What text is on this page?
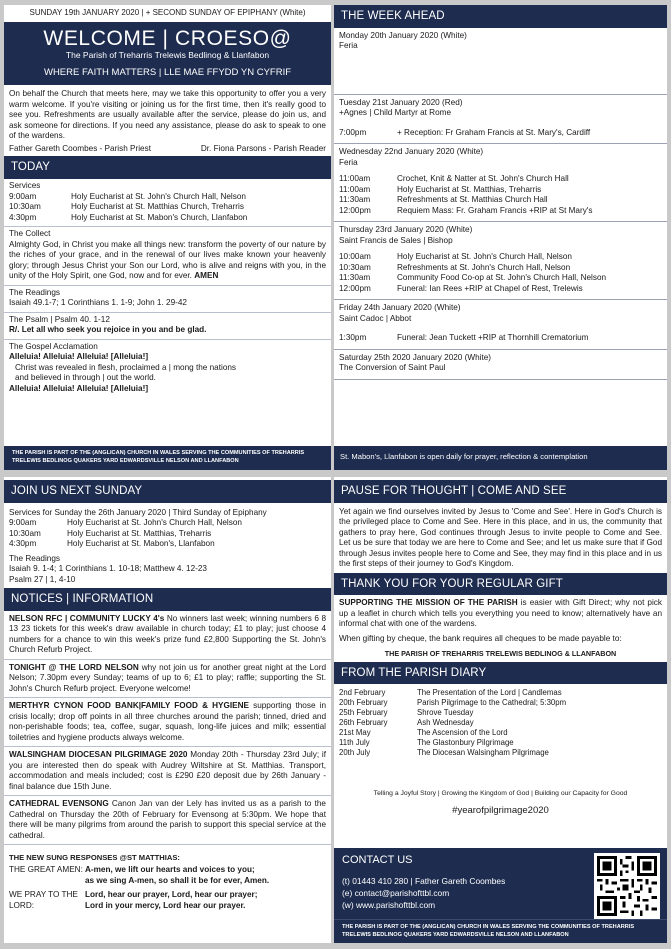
SUNDAY 19th JANUARY 2020 | + SECOND SUNDAY OF EPIPHANY (White)
WELCOME | CROESO@
The Parish of Treharris Trelewis Bedlinog & Llanfabon
WHERE FAITH MATTERS | LLE MAE FFYDD YN CYFRIF
On behalf the Church that meets here, may we take this opportunity to offer you a very warm welcome. If you're visiting or joining us for the first time, then it's really good to see you. Refreshments are usually available after the service, please do join us, and ask someone for directions. If you need any assistance, please do ask to speak to one of the wardens.
Father Gareth Coombes - Parish Priest	Dr. Fiona Parsons - Parish Reader
TODAY
Services
9:00am	Holy Eucharist at St. John's Church Hall, Nelson
10:30am	Holy Eucharist at St. Matthias Church, Treharris
4:30pm	Holy Eucharist at St. Mabon's Church, Llanfabon
The Collect
Almighty God, in Christ you make all things new: transform the poverty of our nature by the riches of your grace, and in the renewal of our lives make known your heavenly glory; through Jesus Christ your Son our Lord, who is alive and reigns with you, in the unity of the Holy Spirit, one God, now and for ever. AMEN
The Readings
Isaiah 49.1-7; 1 Corinthians 1. 1-9; John 1. 29-42
The Psalm | Psalm 40. 1-12
R/. Let all who seek you rejoice in you and be glad.
The Gospel Acclamation
Alleluia! Alleluia! Alleluia! [Alleluia!]
Christ was revealed in flesh, proclaimed a | mong the nations
and believed in through | out the world.
Alleluia! Alleluia! Alleluia! [Alleluia!]
THE PARISH IS PART OF THE (ANGLICAN) CHURCH IN WALES SERVING THE COMMUNITIES OF TREHARRIS TRELEWIS BEDLINOG QUAKERS YARD EDWARDSVILLE NELSON AND LLANFABON
THE WEEK AHEAD
Monday 20th January 2020 (White)
Feria
Tuesday 21st January 2020 (Red)
+Agnes | Child Martyr at Rome
7:00pm	+ Reception: Fr Graham Francis at St. Mary's, Cardiff
Wednesday 22nd January 2020 (White)
Feria
11:00am	Crochet, Knit & Natter at St. John's Church Hall
11:00am	Holy Eucharist at St. Matthias, Treharris
11:30am	Refreshments at St. Matthias Church Hall
12:00pm	Requiem Mass: Fr. Graham Francis +RIP at St Mary's
Thursday 23rd January 2020 (White)
Saint Francis de Sales | Bishop
10:00am	Holy Eucharist at St. John's Church Hall, Nelson
10:30am	Refreshments at St. John's Church Hall, Nelson
11:30am	Community Food Co-op at St. John's Church Hall, Nelson
12:00pm	Funeral: Ian Rees +RIP at Chapel of Rest, Trelewis
Friday 24th January 2020 (White)
Saint Cadoc | Abbot
1:30pm	Funeral: Jean Tuckett +RIP at Thornhill Crematorium
Saturday 25th 2020 January 2020 (White)
The Conversion of Saint Paul
St. Mabon's, Llanfabon is open daily for prayer, reflection & contemplation
JOIN US NEXT SUNDAY
Services for Sunday the 26th January 2020 | Third Sunday of Epiphany
9:00am	Holy Eucharist at St. John's Church Hall, Nelson
10:30am	Holy Eucharist at St. Matthias, Treharris
4:30pm	Holy Eucharist at St. Mabon's, Llanfabon
The Readings
Isaiah 9. 1-4; 1 Corinthians 1. 10-18; Matthew 4. 12-23
Psalm 27 | 1, 4-10
NOTICES | INFORMATION
NELSON RFC | COMMUNITY LUCKY 4's No winners last week; winning numbers 6 8 13 23 tickets for this week's draw available in church today; £1 to play; just choose 4 numbers for a chance to win this week's prize fund £2,800 Supporting the St. John's Church Refurb Project.
TONIGHT @ THE LORD NELSON why not join us for another great night at the Lord Nelson; 7.30pm every Sunday; teams of up to 6; £1 to play; raffle; supporting the St. John's Church Refurb project. Everyone welcome!
MERTHYR CYNON FOOD BANK|FAMILY FOOD & HYGIENE supporting those in crisis locally; drop off points in all three churches around the parish; tinned, dried and non-perishable foods; tea, coffee, sugar, squash, long-life juices and milk; essential toiletries and hygiene products always welcome.
WALSINGHAM DIOCESAN PILGRIMAGE 2020 Monday 20th - Thursday 23rd July; if you are interested then do speak with Audrey Wiltshire at St. Matthias. Transport, accommodation and meals included; cost is £290 £20 deposit due by 26th January - final balance due 15th June.
CATHEDRAL EVENSONG Canon Jan van der Lely has invited us as a parish to the Cathedral on Thursday the 20th of February for Evensong at 5:30pm. We hope that there will be many pilgrims from around the parish to support this special service at the cathedral.
THE NEW SUNG RESPONSES @ST MATTHIAS:
THE GREAT AMEN: A-men, we lift our hearts and voices to you;
as we sing A-men, so shall it be for ever, Amen.
WE PRAY TO THE LORD:
Lord, hear our prayer, Lord, hear our prayer;
Lord in your mercy, Lord hear our prayer.
PAUSE FOR THOUGHT | COME AND SEE
Yet again we find ourselves invited by Jesus to 'Come and See'. Here in God's Church is the privileged place to Come and See. Here in this place, and in us, the community that gathers to pray here, God continues through Jesus to invite people to Come and See. Let us be sure that today we are here to Come and See; and let us make sure that if God through Jesus invites people here to Come and See, they may find in this place and in us the first steps of their journey to God's Kingdom.
THANK YOU FOR YOUR REGULAR GIFT
SUPPORTING THE MISSION OF THE PARISH is easier with Gift Direct; why not pick up a leaflet in church which tells you everything you need to know; alternatively have an informal chat with one of the wardens.
When gifting by cheque, the bank requires all cheques to be made payable to:
THE PARISH OF TREHARRIS TRELEWIS BEDLINOG & LLANFABON
FROM THE PARISH DIARY
2nd February	The Presentation of the Lord | Candlemas
20th February	Parish Pilgrimage to the Cathedral; 5:30pm
25th February	Shrove Tuesday
26th February	Ash Wednesday
21st May	The Ascension of the Lord
11th July	The Glastonbury Pilgrimage
20th July	The Diocesan Walsingham Pilgrimage
Telling a Joyful Story | Growing the Kingdom of God | Building our Capacity for Good
#yearofpilgrimage2020
CONTACT US
(t) 01443 410 280 | Father Gareth Coombes
(e) contact@parishofttbl.com
(w) www.parishofttbl.com
THE PARISH IS PART OF THE (ANGLICAN) CHURCH IN WALES SERVING THE COMMUNITIES OF TREHARRIS TRELEWIS BEDLINOG QUAKERS YARD EDWARDSVILLE NELSON AND LLANFABON
